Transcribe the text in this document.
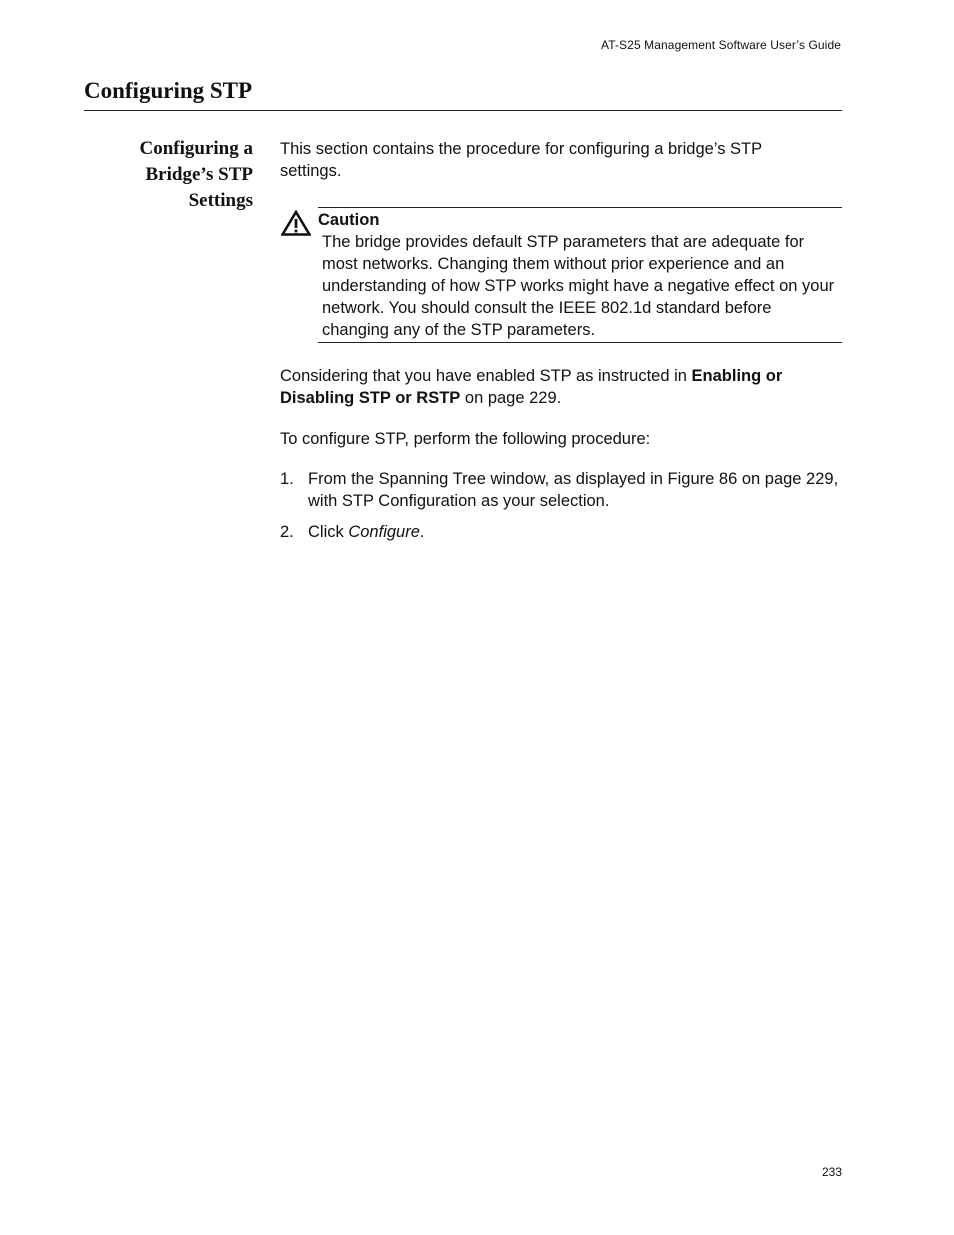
AT-S25 Management Software User’s Guide
Configuring STP
Configuring a
Bridge’s STP
Settings

This section contains the procedure for configuring a bridge’s STP settings.

Caution

The bridge provides default STP parameters that are adequate for most networks. Changing them without prior experience and an understanding of how STP works might have a negative effect on your network. You should consult the IEEE 802.1d standard before changing any of the STP parameters.

Considering that you have enabled STP as instructed in Enabling or Disabling STP or RSTP on page 229.

To configure STP, perform the following procedure:

1. From the Spanning Tree window, as displayed in Figure 86 on page 229, with STP Configuration as your selection.
2. Click Configure.
233
